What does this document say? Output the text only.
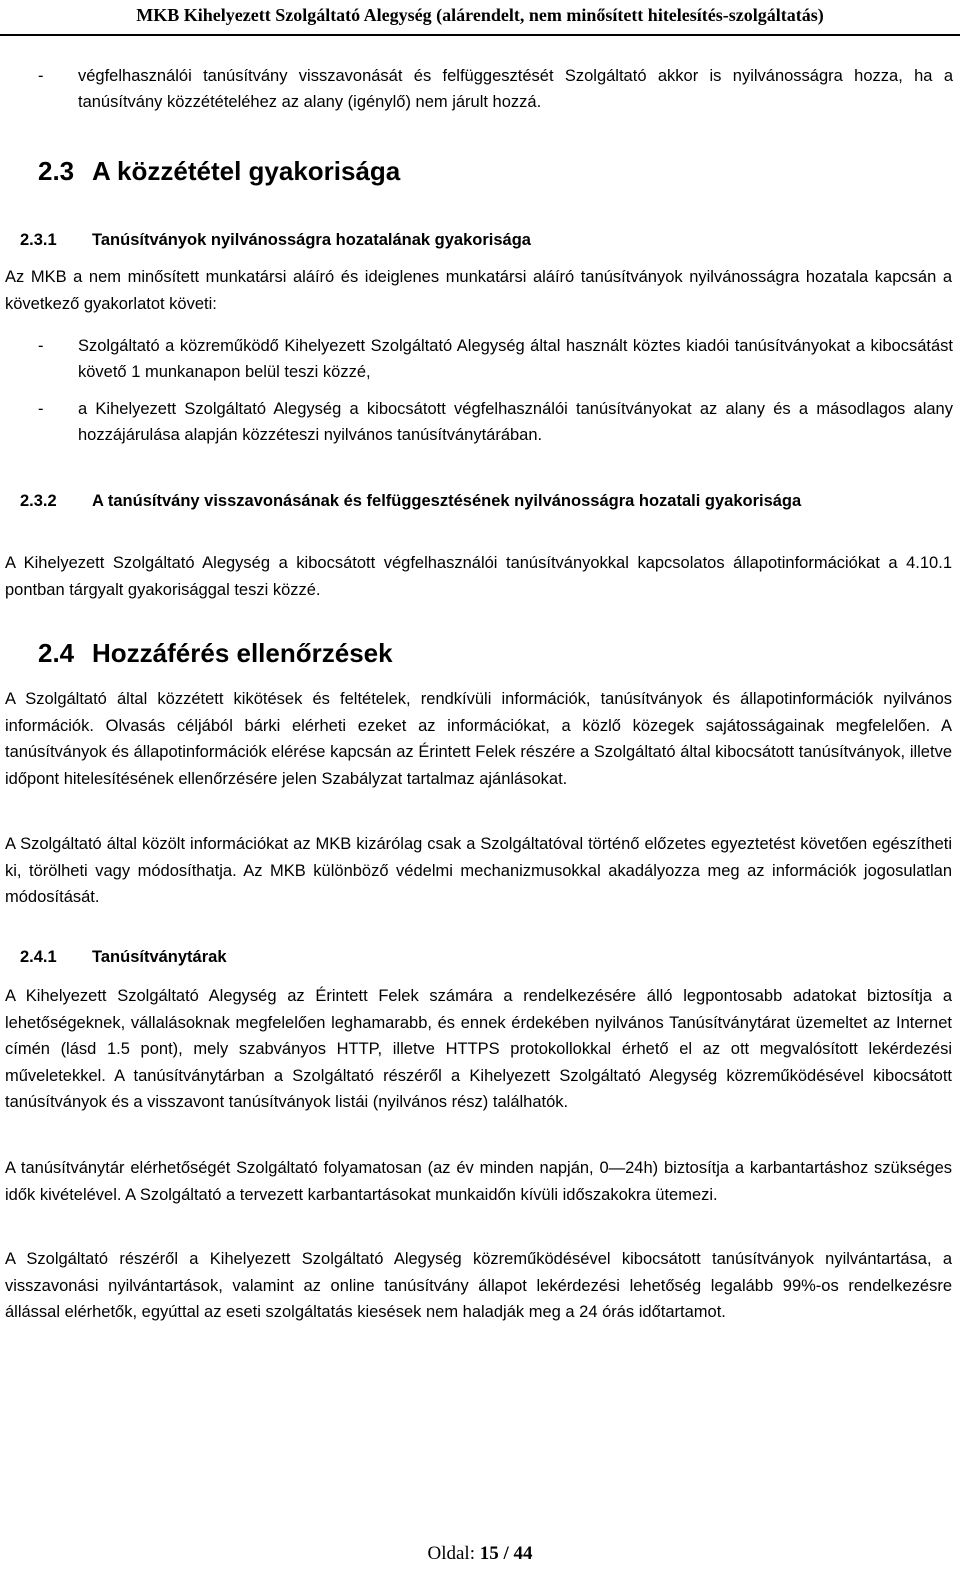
MKB Kihelyezett Szolgáltató Alegység (alárendelt, nem minősített hitelesítés-szolgáltatás)
- végfelhasználói tanúsítvány visszavonását és felfüggesztését Szolgáltató akkor is nyilvánosságra hozza, ha a tanúsítvány közzétételéhez az alany (igénylő) nem járult hozzá.
2.3 A közzététel gyakorisága
2.3.1 Tanúsítványok nyilvánosságra hozatalának gyakorisága
Az MKB a nem minősített munkatársi aláíró és ideiglenes munkatársi aláíró tanúsítványok nyilvánosságra hozatala kapcsán a következő gyakorlatot követi:
- Szolgáltató a közreműködő Kihelyezett Szolgáltató Alegység által használt köztes kiadói tanúsítványokat a kibocsátást követő 1 munkanapon belül teszi közzé,
- a Kihelyezett Szolgáltató Alegység a kibocsátott végfelhasználói tanúsítványokat az alany és a másodlagos alany hozzájárulása alapján közzéteszi nyilvános tanúsítványtárában.
2.3.2 A tanúsítvány visszavonásának és felfüggesztésének nyilvánosságra hozatali gyakorisága
A Kihelyezett Szolgáltató Alegység a kibocsátott végfelhasználói tanúsítványokkal kapcsolatos állapotinformációkat a 4.10.1 pontban tárgyalt gyakorisággal teszi közzé.
2.4 Hozzáférés ellenőrzések
A Szolgáltató által közzétett kikötések és feltételek, rendkívüli információk, tanúsítványok és állapotinformációk nyilvános információk. Olvasás céljából bárki elérheti ezeket az információkat, a közlő közegek sajátosságainak megfelelően. A tanúsítványok és állapotinformációk elérése kapcsán az Érintett Felek részére a Szolgáltató által kibocsátott tanúsítványok, illetve időpont hitelesítésének ellenőrzésére jelen Szabályzat tartalmaz ajánlásokat.
A Szolgáltató által közölt információkat az MKB kizárólag csak a Szolgáltatóval történő előzetes egyeztetést követően egészítheti ki, törölheti vagy módosíthatja. Az MKB különböző védelmi mechanizmusokkal akadályozza meg az információk jogosulatlan módosítását.
2.4.1 Tanúsítványtárak
A Kihelyezett Szolgáltató Alegység az Érintett Felek számára a rendelkezésére álló legpontosabb adatokat biztosítja a lehetőségeknek, vállalásoknak megfelelően leghamarabb, és ennek érdekében nyilvános Tanúsítványtárat üzemeltet az Internet címén (lásd 1.5 pont), mely szabványos HTTP, illetve HTTPS protokollokkal érhető el az ott megvalósított lekérdezési műveletekkel. A tanúsítványtárban a Szolgáltató részéről a Kihelyezett Szolgáltató Alegység közreműködésével kibocsátott tanúsítványok és a visszavont tanúsítványok listái (nyilvános rész) találhatók.
A tanúsítványtár elérhetőségét Szolgáltató folyamatosan (az év minden napján, 0—24h) biztosítja a karbantartáshoz szükséges idők kivételével. A Szolgáltató a tervezett karbantartásokat munkaidőn kívüli időszakokra ütemezi.
A Szolgáltató részéről a Kihelyezett Szolgáltató Alegység közreműködésével kibocsátott tanúsítványok nyilvántartása, a visszavonási nyilvántartások, valamint az online tanúsítvány állapot lekérdezési lehetőség legalább 99%-os rendelkezésre állással elérhetők, egyúttal az eseti szolgáltatás kiesések nem haladják meg a 24 órás időtartamot.
Oldal: 15 / 44
